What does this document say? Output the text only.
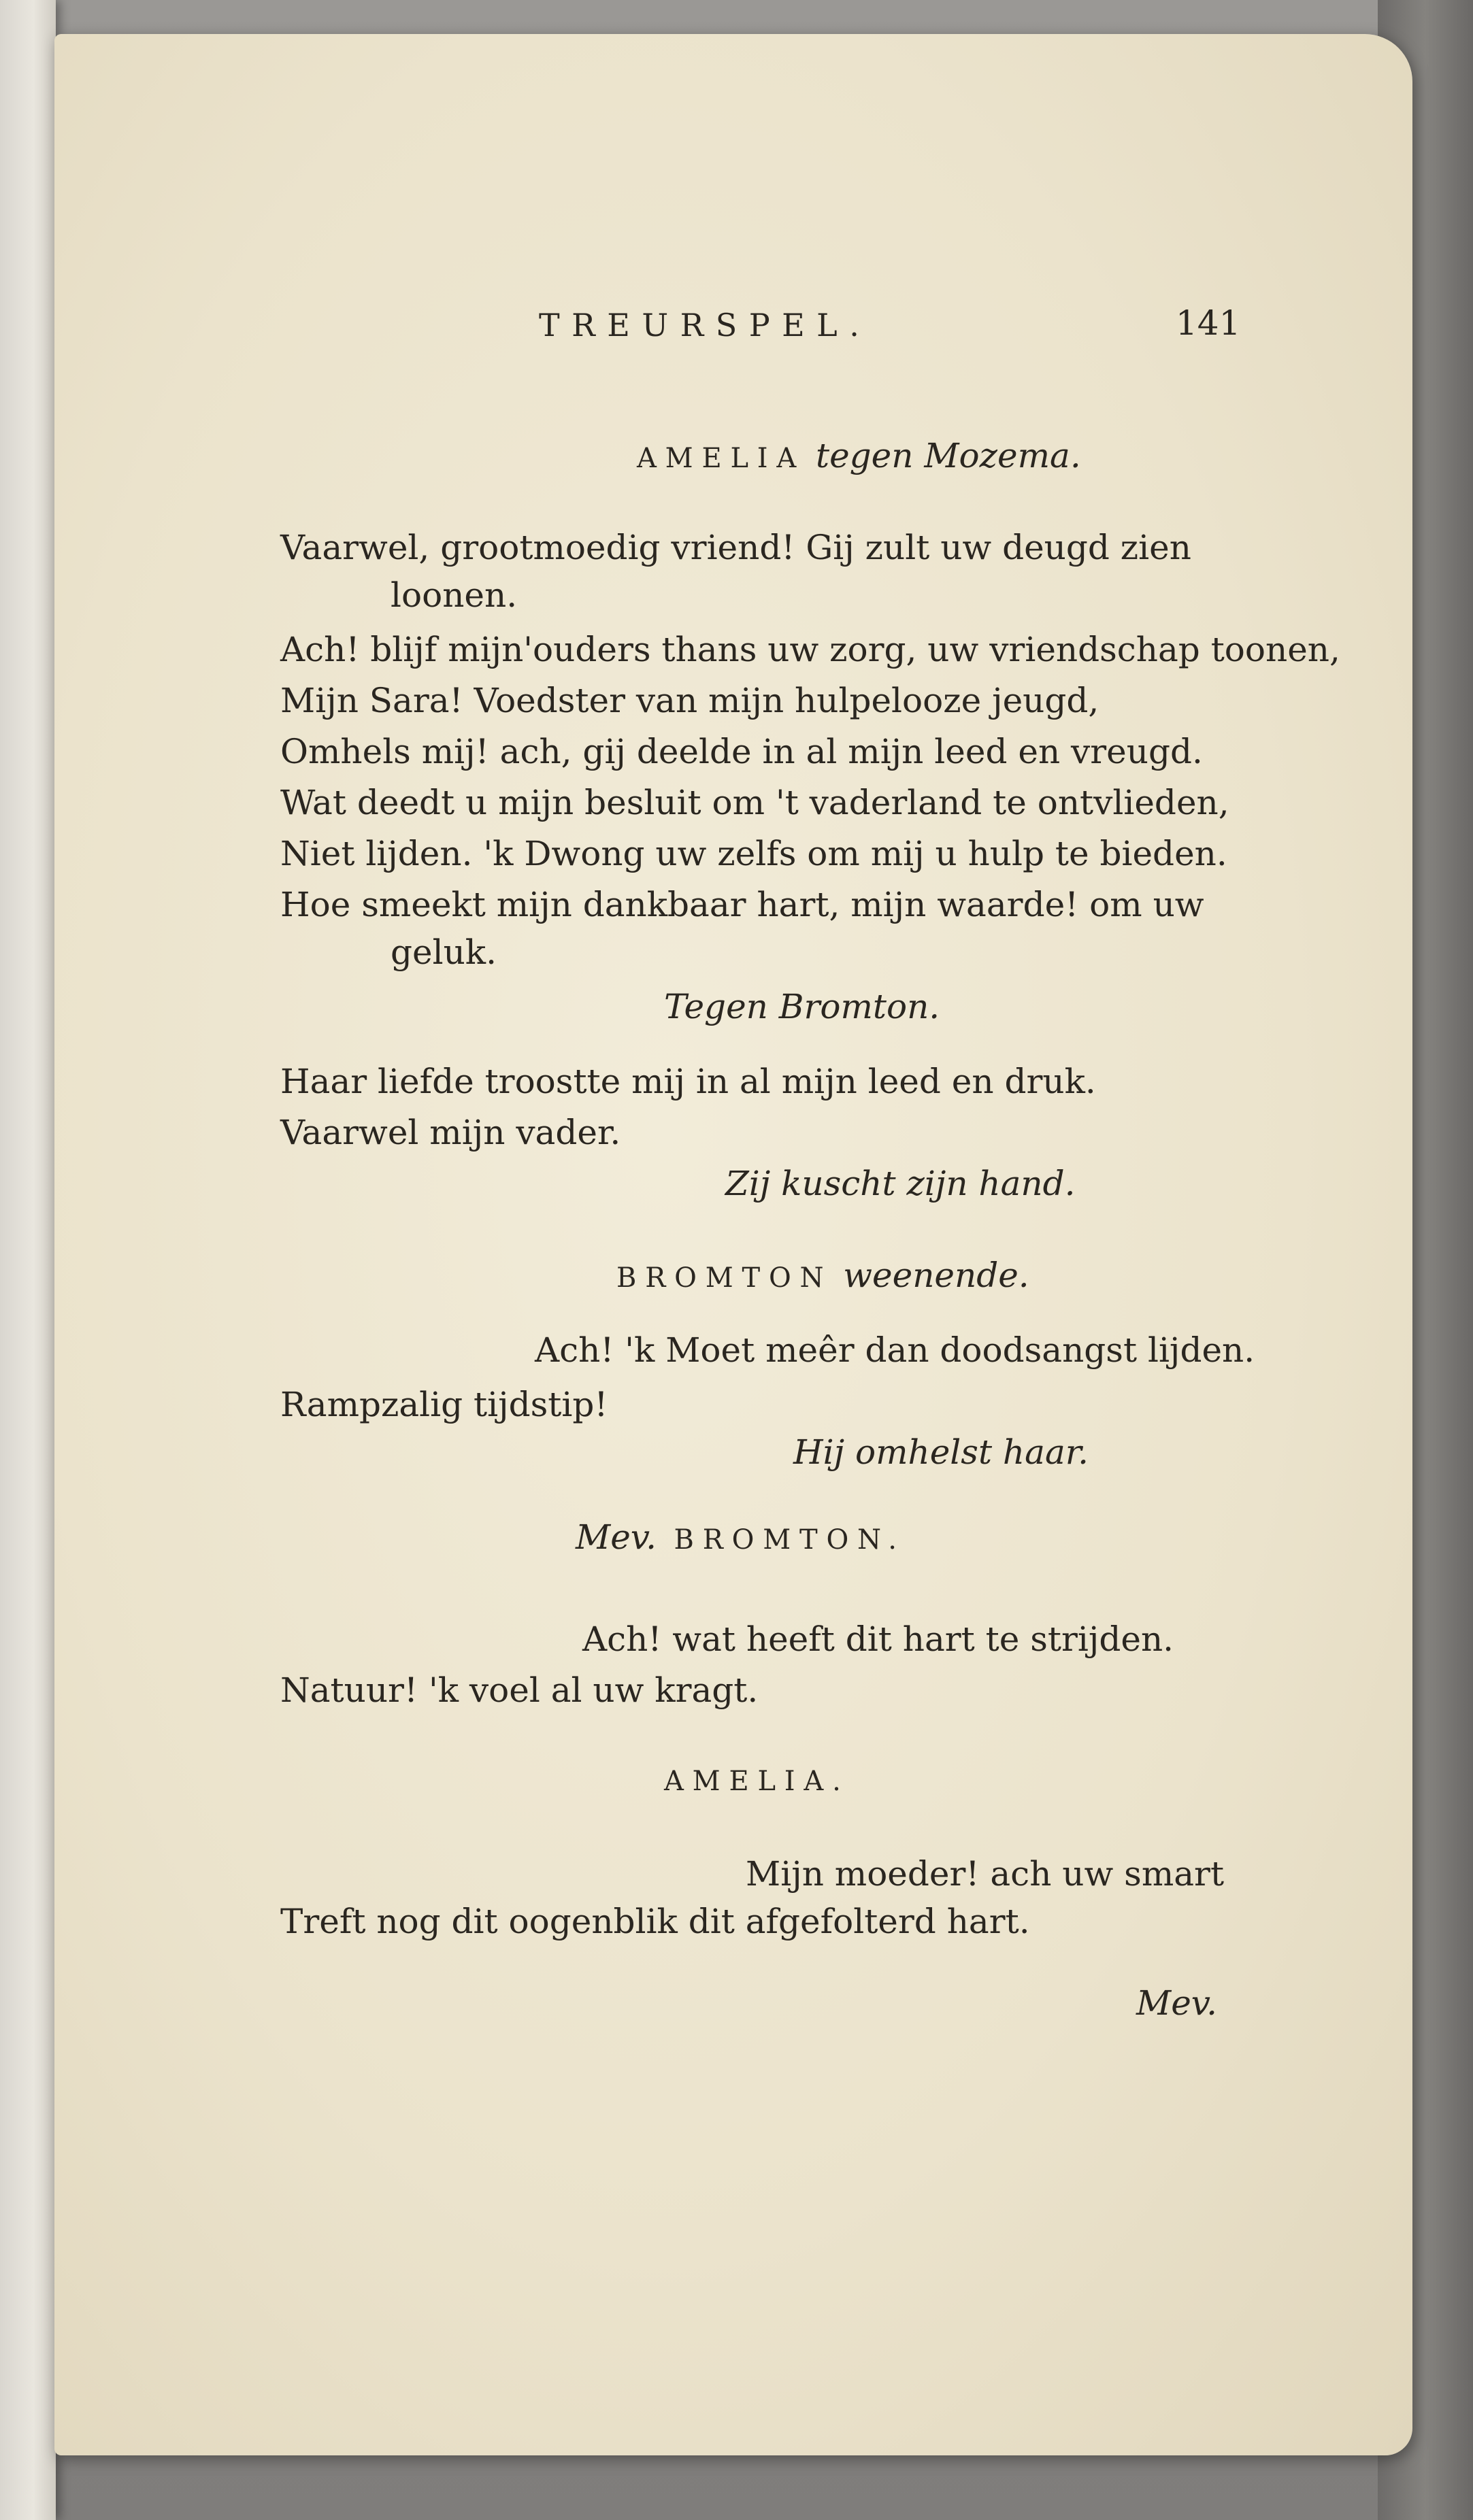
TREURSPEL.	141
AMELIA tegen Mozema.
Vaarwel, grootmoedig vriend! Gij zult uw deugd zien
loonen.
Ach! blijf mijn'ouders thans uw zorg, uw vriendschap toonen,
Mijn Sara! Voedster van mijn hulpelooze jeugd,
Omhels mij! ach, gij deelde in al mijn leed en vreugd.
Wat deedt u mijn besluit om 't vaderland te ontvlieden,
Niet lijden. 'k Dwong uw zelfs om mij u hulp te bieden.
Hoe smeekt mijn dankbaar hart, mijn waarde! om uw
geluk.
Tegen Bromton.
Haar liefde troostte mij in al mijn leed en druk.
Vaarwel mijn vader.
Zij kuscht zijn hand.
BROMTON weenende.
Ach! 'k Moet meêr dan doodsangst lijden.
Rampzalig tijdstip!
Hij omhelst haar.
Mev. BROMTON.
Ach! wat heeft dit hart te strijden.
Natuur! 'k voel al uw kragt.
AMELIA.
Mijn moeder! ach uw smart
Treft nog dit oogenblik dit afgefolterd hart.
Mev.
